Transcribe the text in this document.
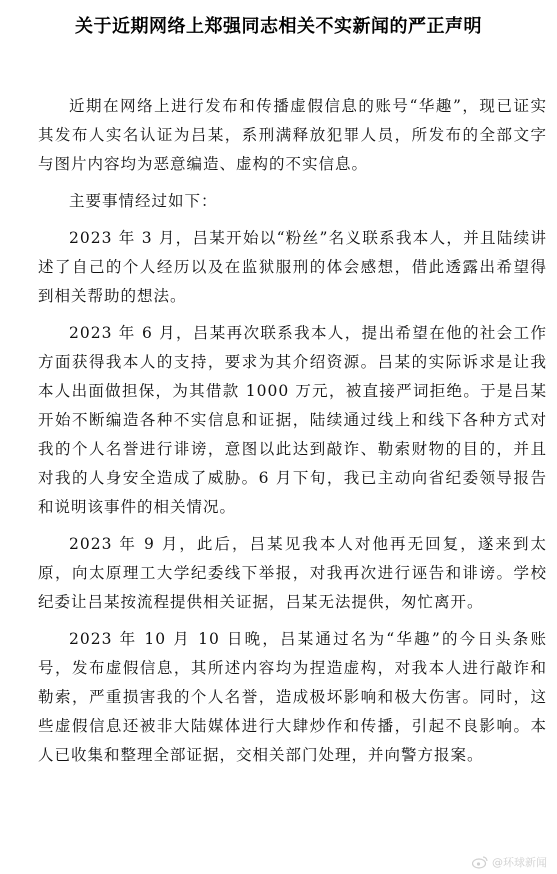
关于近期网络上郑强同志相关不实新闻的严正声明

近期在网络上进行发布和传播虚假信息的账号“华趣”，现已证实其发布人实名认证为吕某，系刑满释放犯罪人员，所发布的全部文字与图片内容均为恶意编造、虚构的不实信息。

主要事情经过如下：

2023 年 3 月，吕某开始以“粉丝”名义联系我本人，并且陆续讲述了自己的个人经历以及在监狱服刑的体会感想，借此透露出希望得到相关帮助的想法。

2023 年 6 月，吕某再次联系我本人，提出希望在他的社会工作方面获得我本人的支持，要求为其介绍资源。吕某的实际诉求是让我本人出面做担保，为其借款 1000 万元，被直接严词拒绝。于是吕某开始不断编造各种不实信息和证据，陆续通过线上和线下各种方式对我的个人名誉进行诽谤，意图以此达到敲诈、勒索财物的目的，并且对我的人身安全造成了威胁。6 月下旬，我已主动向省纪委领导报告和说明该事件的相关情况。

2023 年 9 月，此后，吕某见我本人对他再无回复，遂来到太原，向太原理工大学纪委线下举报，对我再次进行诬告和诽谤。学校纪委让吕某按流程提供相关证据，吕某无法提供，匆忙离开。

2023 年 10 月 10 日晚，吕某通过名为“华趣”的今日头条账号，发布虚假信息，其所述内容均为捏造虚构，对我本人进行敲诈和勒索，严重损害我的个人名誉，造成极坏影响和极大伤害。同时，这些虚假信息还被非大陆媒体进行大肆炒作和传播，引起不良影响。本人已收集和整理全部证据，交相关部门处理，并向警方报案。

@环球新闻
